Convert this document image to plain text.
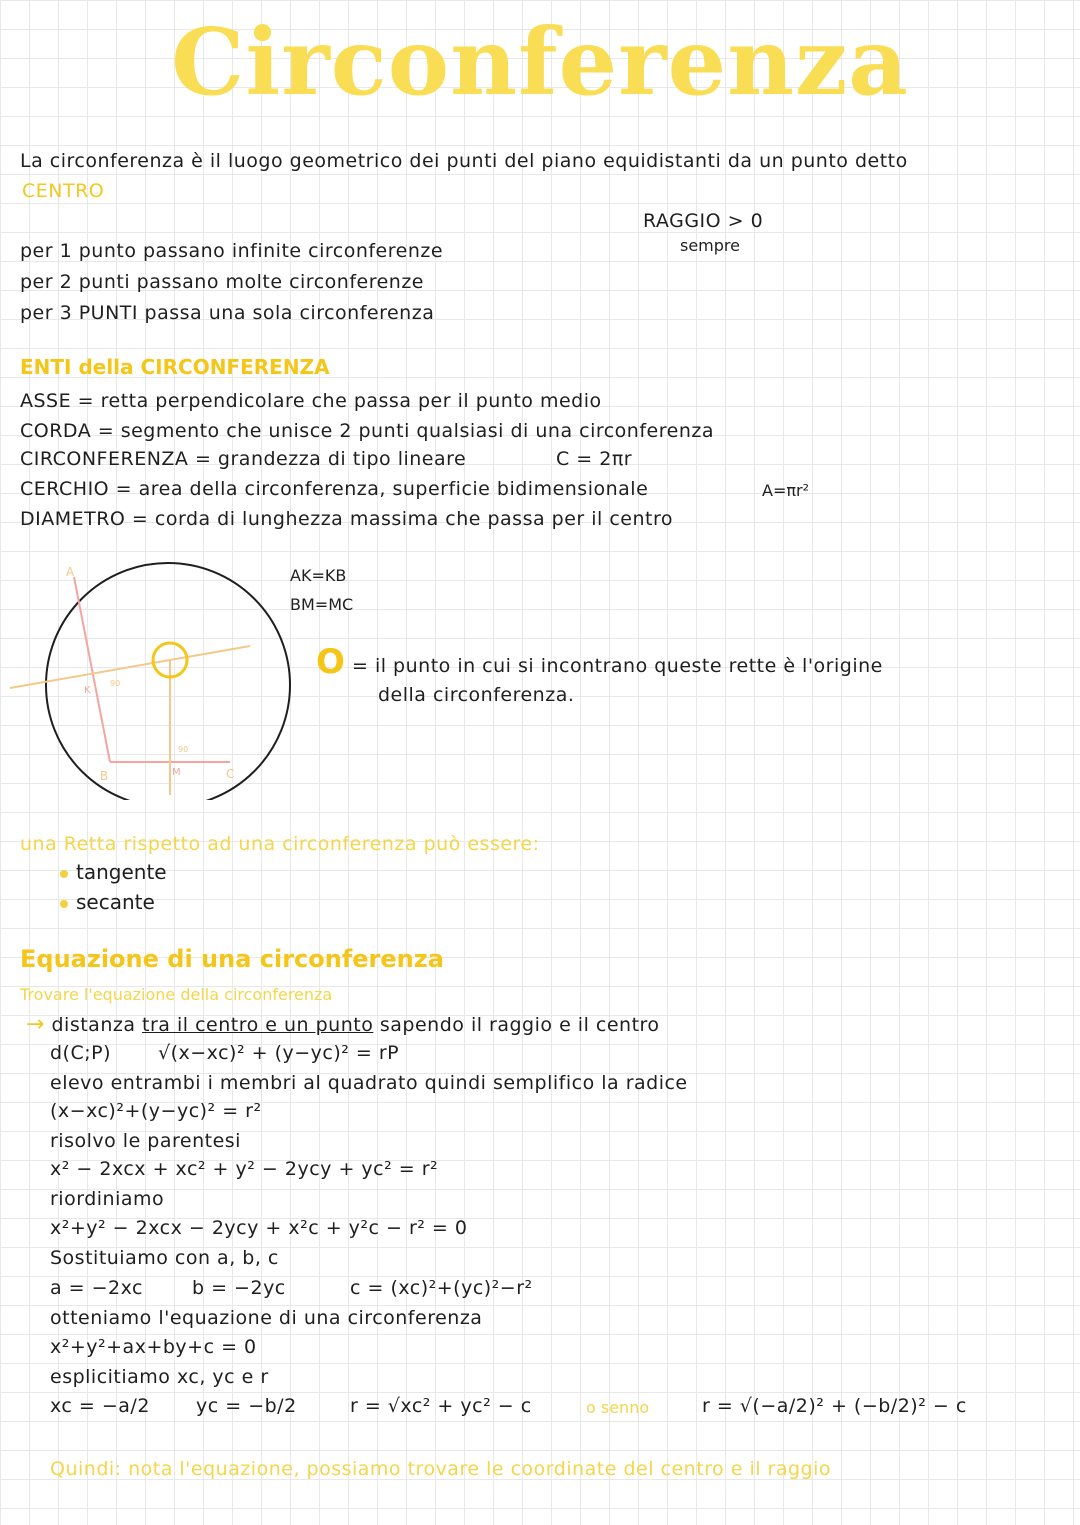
Circonferenza
La circonferenza è il luogo geometrico dei punti del piano equidistanti da un punto detto
CENTRO
RAGGIO > 0
sempre
per 1 punto passano infinite circonferenze
per 2 punti passano molte circonferenze
per 3 PUNTI passa una sola circonferenza
ENTI della CIRCONFERENZA
ASSE = retta perpendicolare che passa per il punto medio
CORDA = segmento che unisce 2 punti qualsiasi di una circonferenza
CIRCONFERENZA = grandezza di tipo lineare	C = 2πr
CERCHIO = area della circonferenza, superficie bidimensionale	A=πr²
DIAMETRO = corda di lunghezza massima che passa per il centro
A
B	C
K
M
90
90
AK=KB
BM=MC
O = il punto in cui si incontrano queste rette è l'origine
della circonferenza.
una Retta rispetto ad una circonferenza può essere:
tangente
secante
Equazione di una circonferenza
Trovare l'equazione della circonferenza
→ distanza tra il centro e un punto sapendo il raggio e il centro
d(C;P) √(x−xc)² + (y−yc)² = rP
elevo entrambi i membri al quadrato quindi semplifico la radice
(x−xc)²+(y−yc)² = r²
risolvo le parentesi
x² − 2xcx + xc² + y² − 2ycy + yc² = r²
riordiniamo
x²+y² − 2xcx − 2ycy + x²c + y²c − r² = 0
Sostituiamo con a, b, c
a = −2xc	b = −2yc	c = (xc)²+(yc)²−r²
otteniamo l'equazione di una circonferenza
x²+y²+ax+by+c = 0
esplicitiamo xc, yc e r
xc = −a/2 yc = −b/2	r = √xc² + yc² − c	o senno	r = √(−a/2)² + (−b/2)² − c
Quindi: nota l'equazione, possiamo trovare le coordinate del centro e il raggio
